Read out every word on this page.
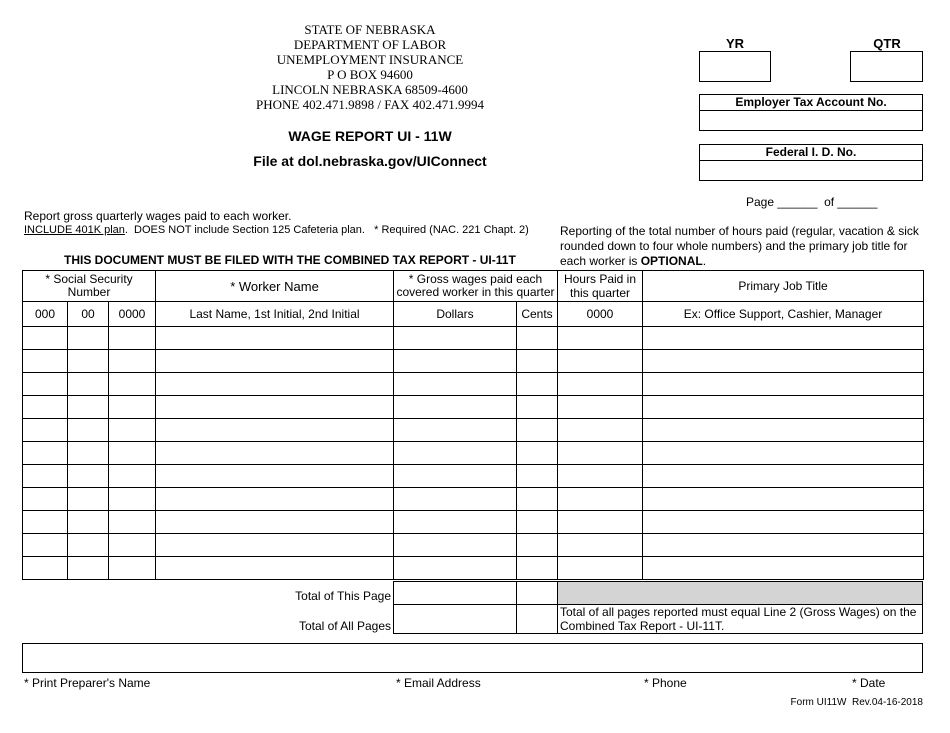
STATE OF NEBRASKA
DEPARTMENT OF LABOR
UNEMPLOYMENT INSURANCE
P O BOX 94600
LINCOLN NEBRASKA 68509-4600
PHONE 402.471.9898 / FAX 402.471.9994
WAGE REPORT UI - 11W
File at dol.nebraska.gov/UIConnect
YR	QTR
Employer Tax Account No.
Federal I. D. No.
Page ______  of ______
Report gross quarterly wages paid to each worker.
INCLUDE 401K plan.  DOES NOT include Section 125 Cafeteria plan.   * Required (NAC. 221 Chapt. 2)
THIS DOCUMENT MUST BE FILED WITH THE COMBINED TAX REPORT - UI-11T
Reporting of the total number of hours paid (regular, vacation & sick rounded down to four whole numbers) and the primary job title for each worker is OPTIONAL.
* Social Security Number			* Worker Name	* Gross wages paid each covered worker in this quarter		Hours Paid in this quarter	Primary Job Title
000	00	0000	Last Name, 1st Initial, 2nd Initial	Dollars	Cents	0000	Ex: Office Support, Cashier, Manager

Total of This Page
Total of All Pages
Total of all pages reported must equal Line 2 (Gross Wages) on the Combined Tax Report - UI-11T.
* Print Preparer's Name	* Email Address	* Phone	* Date
Form UI11W  Rev.04-16-2018
